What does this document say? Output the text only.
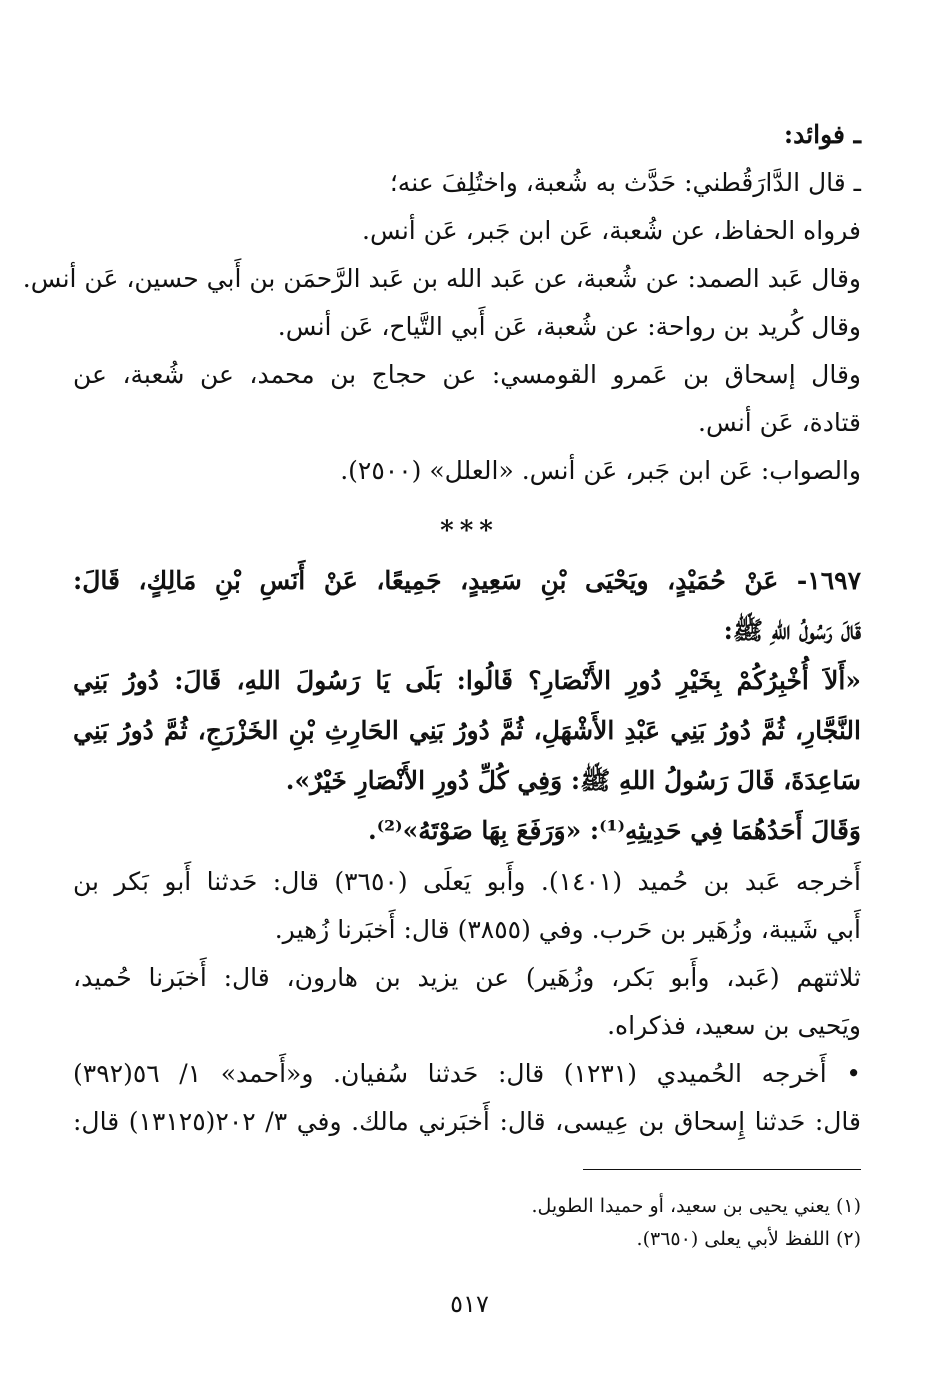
ـ فوائد:
ـ قال الدَّارَقُطني: حَدَّث به شُعبة، واختُلِفَ عنه؛
فرواه الحفاظ، عن شُعبة، عَن ابن جَبر، عَن أنس.
وقال عَبد الصمد: عن شُعبة، عن عَبد الله بن عَبد الرَّحمَن بن أَبي حسين، عَن أنس.
وقال كُريد بن رواحة: عن شُعبة، عَن أَبي التَّياح، عَن أنس.
وقال إسحاق بن عَمرو القومسي: عن حجاج بن محمد، عن شُعبة، عن
قتادة، عَن أنس.
والصواب: عَن ابن جَبر، عَن أنس. «العلل» (٢٥٠٠).
***
١٦٩٧- عَنْ حُمَيْدٍ، ويَحْيَى بْنِ سَعِيدٍ، جَمِيعًا، عَنْ أَنَسِ بْنِ مَالِكٍ، قَالَ:
قَالَ رَسُولُ اللهِ ﷺ:
«أَلاَ أُخْبِرُكُمْ بِخَيْرِ دُورِ الأَنْصَارِ؟ قَالُوا: بَلَى يَا رَسُولَ اللهِ، قَالَ: دُورُ بَنِي
النَّجَّارِ، ثُمَّ دُورُ بَنِي عَبْدِ الأَشْهَلِ، ثُمَّ دُورُ بَنِي الحَارِثِ بْنِ الخَزْرَجِ، ثُمَّ دُورُ بَنِي
سَاعِدَةَ، قَالَ رَسُولُ اللهِ ﷺ: وَفِي كُلِّ دُورِ الأَنْصَارِ خَيْرٌ».
وَقَالَ أَحَدُهُمَا فِي حَدِيثِهِ⁽¹⁾: «وَرَفَعَ بِهَا صَوْتَهُ»⁽²⁾.
أَخرجه عَبد بن حُميد (١٤٠١). وأَبو يَعلَى (٣٦٥٠) قال: حَدثنا أَبو بَكر بن
أَبي شَيبة، وزُهَير بن حَرب. وفي (٣٨٥٥) قال: أَخبَرنا زُهير.
ثلاثتهم (عَبد، وأَبو بَكر، وزُهَير) عن يزيد بن هارون، قال: أَخبَرنا حُميد،
ويَحيى بن سعيد، فذكراه.
• أَخرجه الحُميدي (١٢٣١) قال: حَدثنا سُفيان. و«أَحمد» ١/ ٥٦(٣٩٢)
قال: حَدثنا إِسحاق بن عِيسى، قال: أَخبَرني مالك. وفي ٣/ ٢٠٢(١٣١٢٥) قال:
(١) يعني يحيى بن سعيد، أو حميدا الطويل.
(٢) اللفظ لأبي يعلى (٣٦٥٠).
٥١٧
